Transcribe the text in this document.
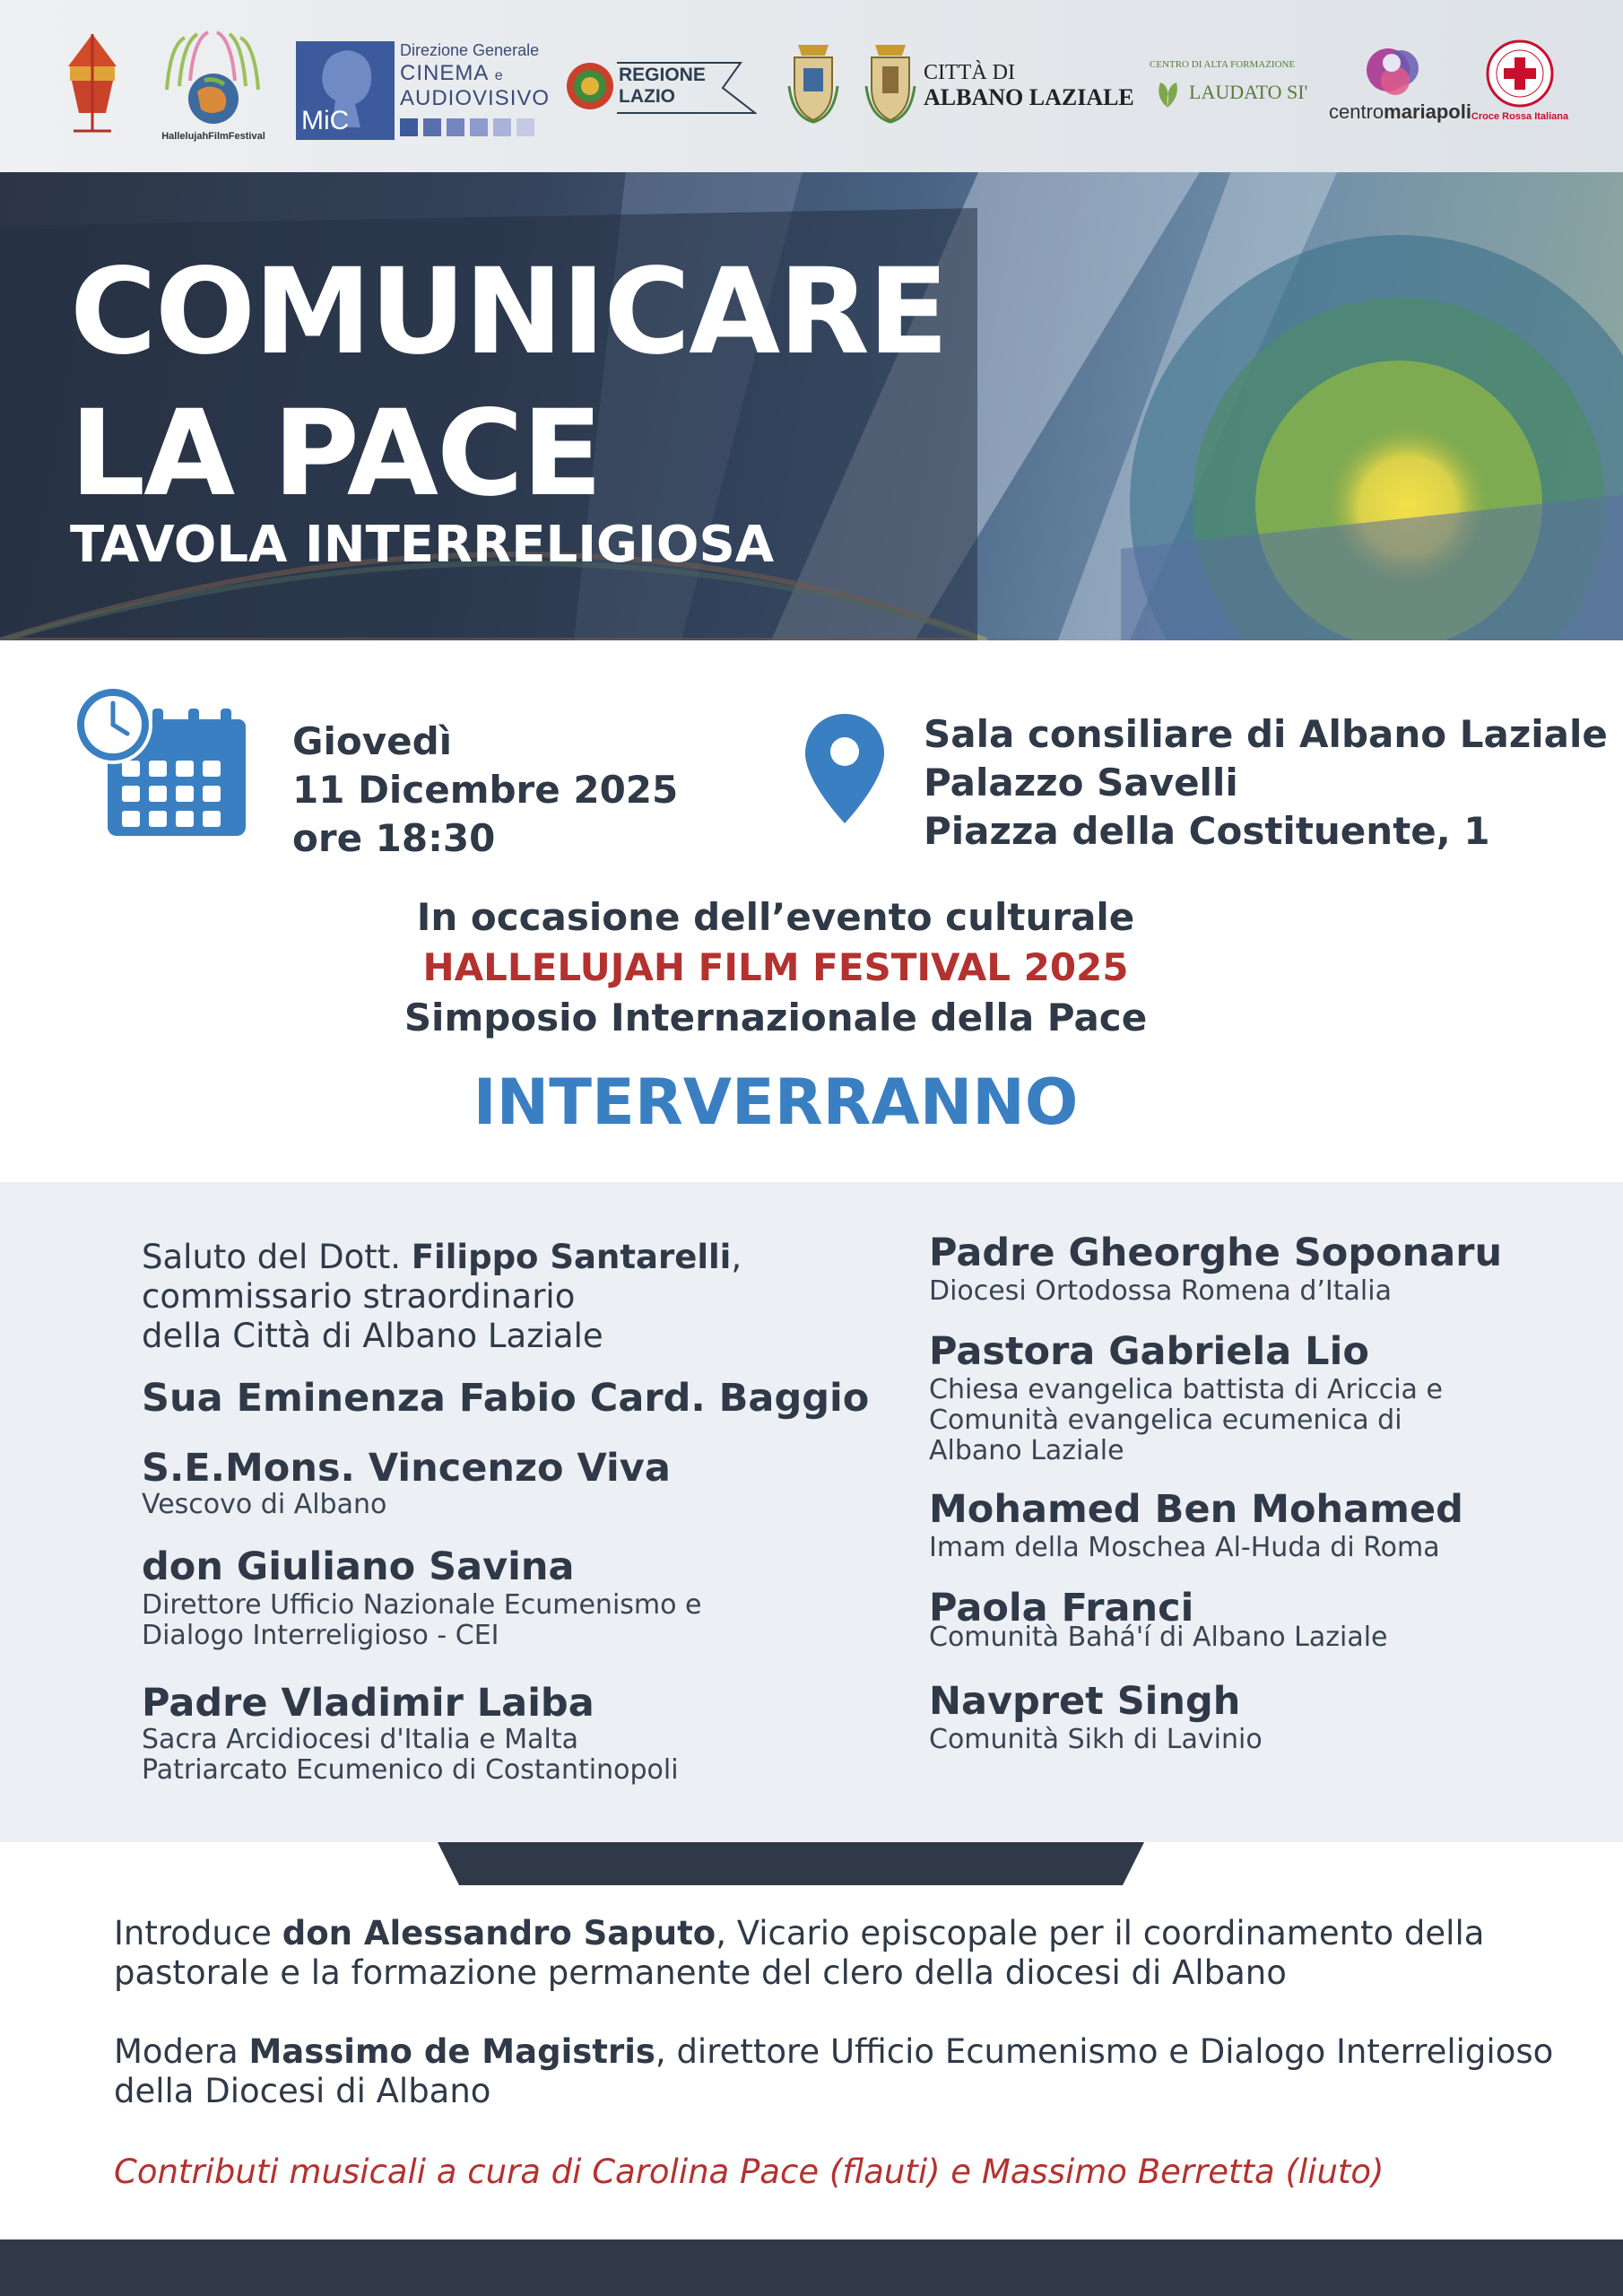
HallelujahFilmFestival
MiC
Direzione Generale
CINEMA e
AUDIOVISIVO
REGIONE
LAZIO
CITTÀ DI
ALBANO LAZIALE
CENTRO DI ALTA FORMAZIONE
LAUDATO SI'
centromariapoli Croce Rossa Italiana
COMUNICARE
LA PACE
TAVOLA INTERRELIGIOSA
Giovedì
11 Dicembre 2025
ore 18:30
Sala consiliare di Albano Laziale
Palazzo Savelli
Piazza della Costituente, 1
In occasione dell’evento culturale
HALLELUJAH FILM FESTIVAL 2025
Simposio Internazionale della Pace
INTERVERRANNO
Saluto del Dott. Filippo Santarelli,
commissario straordinario
della Città di Albano Laziale
Sua Eminenza Fabio Card. Baggio
S.E.Mons. Vincenzo Viva
Vescovo di Albano
don Giuliano Savina
Direttore Ufficio Nazionale Ecumenismo e
Dialogo Interreligioso - CEI
Padre Vladimir Laiba
Sacra Arcidiocesi d'Italia e Malta
Patriarcato Ecumenico di Costantinopoli
Padre Gheorghe Soponaru
Diocesi Ortodossa Romena d’Italia
Pastora Gabriela Lio
Chiesa evangelica battista di Ariccia e
Comunità evangelica ecumenica di
Albano Laziale
Mohamed Ben Mohamed
Imam della Moschea Al-Huda di Roma
Paola Franci
Comunità Bahá'í di Albano Laziale
Navpret Singh
Comunità Sikh di Lavinio
Introduce don Alessandro Saputo, Vicario episcopale per il coordinamento della
pastorale e la formazione permanente del clero della diocesi di Albano
Modera Massimo de Magistris, direttore Ufficio Ecumenismo e Dialogo Interreligioso
della Diocesi di Albano
Contributi musicali a cura di Carolina Pace (flauti) e Massimo Berretta (liuto)
